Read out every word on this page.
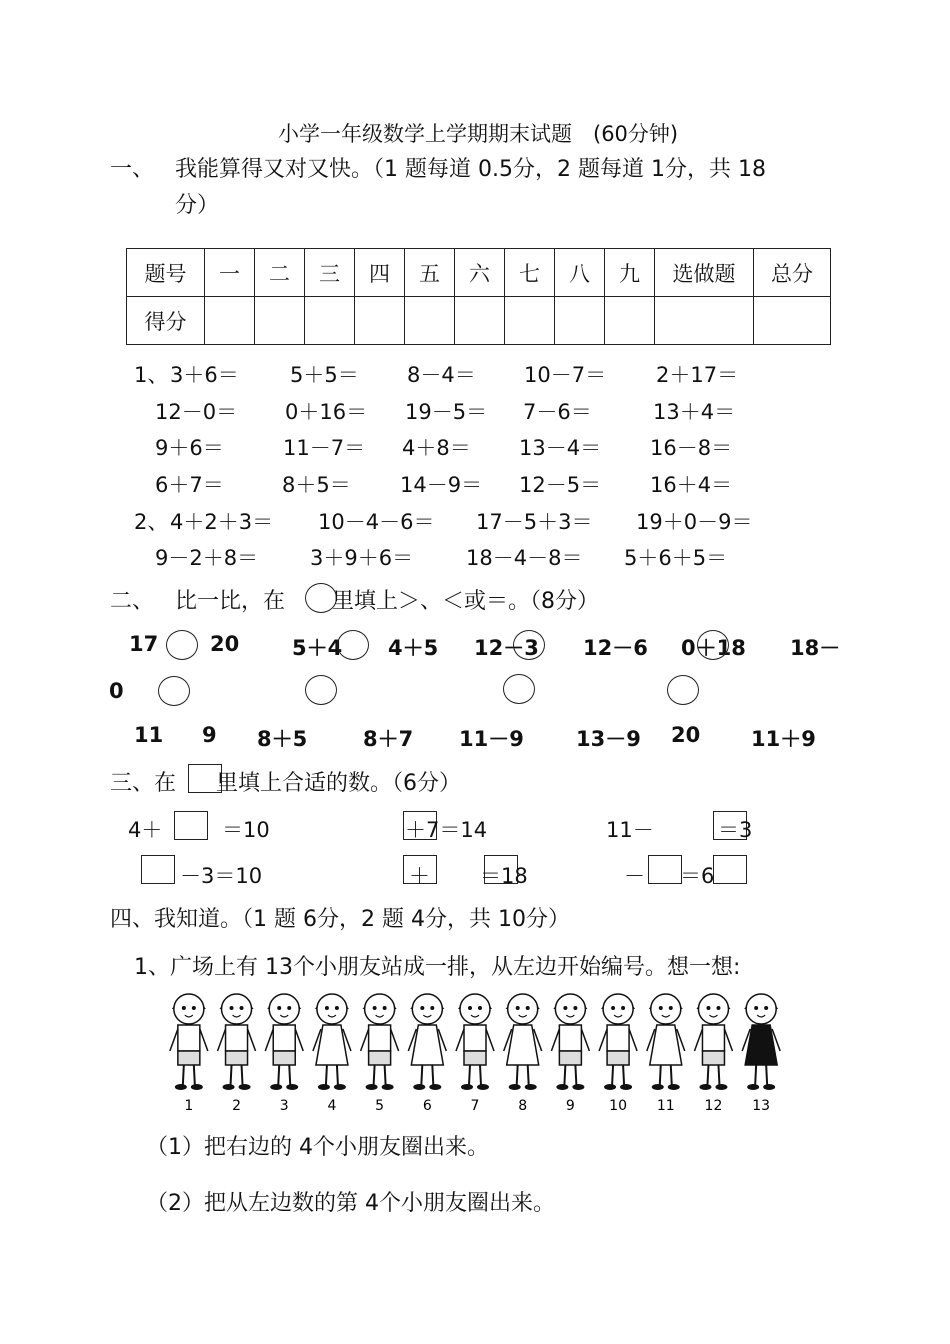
小学一年级数学上学期期末试题　(60分钟)
一、 我能算得又对又快。（1 题每道 0.5分，2 题每道 1分，共 18
分）
题号	一	二	三	四	五	六	七	八	九	选做题	总分
得分											
1、 3＋6＝ 5＋5＝ 8－4＝ 10－7＝ 2＋17＝
12－0＝ 0＋16＝ 19－5＝ 7－6＝	13＋4＝
9＋6＝	11－7＝ 4＋8＝ 13－4＝ 16－8＝
6＋7＝	8＋5＝ 14－9＝ 12－5＝ 16＋4＝
2、 4＋2＋3＝ 10－4－6＝ 17－5＋3＝ 19＋0－9＝
9－2＋8＝ 3＋9＋6＝	18－4－8＝ 5＋6＋5＝
二、 比一比，在 里填上＞、＜或＝。（8分）
17 20	5＋4 4＋5 12－3 12－6 0＋18 18－
0
11 9 8＋5	8＋7 11－9 13－9 20 11＋9
三、在 里填上合适的数。（6分）
4＋	＝10	＋7＝14	11－	＝3
－3＝10	＋ ＝18	－ ＝6
四、我知道。（1 题 6分，2 题 4分，共 10分）
1、广场上有 13个小朋友站成一排，从左边开始编号。想一想:
1	2	3	4	5	6	7	8	9 10 11 12 13
（1）把右边的 4个小朋友圈出来。
（2）把从左边数的第 4个小朋友圈出来。
